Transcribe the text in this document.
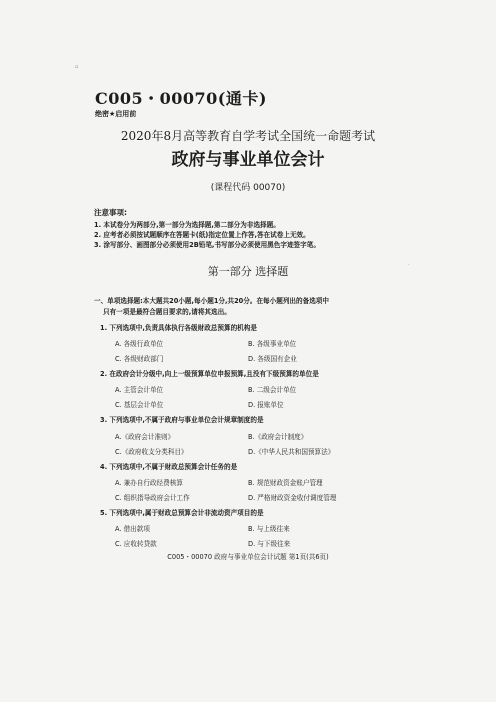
C005・00070(通卡)
绝密★启用前
2020年8月高等教育自学考试全国统一命题考试
政府与事业单位会计
(课程代码 00070)
注意事项:
1. 本试卷分为两部分,第一部分为选择题,第二部分为非选择题。
2. 应考者必须按试题顺序在答题卡(纸)指定位置上作答,答在试卷上无效。
3. 涂写部分、画图部分必须使用2B铅笔,书写部分必须使用黑色字迹签字笔。
第一部分 选择题
一、单项选择题:本大题共20小题,每小题1分,共20分。在每小题列出的备选项中
只有一项是最符合题目要求的,请将其选出。
1. 下列选项中,负责具体执行各级财政总预算的机构是
A. 各级行政单位	B. 各级事业单位
C. 各级财政部门	D. 各级国有企业
2. 在政府会计分级中,向上一级预算单位申报预算,且没有下级预算的单位是
A. 主管会计单位	B. 二级会计单位
C. 基层会计单位	D. 报账单位
3. 下列选项中,不属于政府与事业单位会计规章制度的是
A.《政府会计准则》	B.《政府会计制度》
C.《政府收支分类科目》	D.《中华人民共和国预算法》
4. 下列选项中,不属于财政总预算会计任务的是
A. 兼办自行政经费核算	B. 规范财政资金账户管理
C. 组织指导政府会计工作	D. 严格财政资金收付调度管理
5. 下列选项中,属于财政总预算会计非流动资产项目的是
A. 借出款项	B. 与上级往来
C. 应收转贷款	D. 与下级往来
C005・00070 政府与事业单位会计试题 第1页(共6页)
▫
·
